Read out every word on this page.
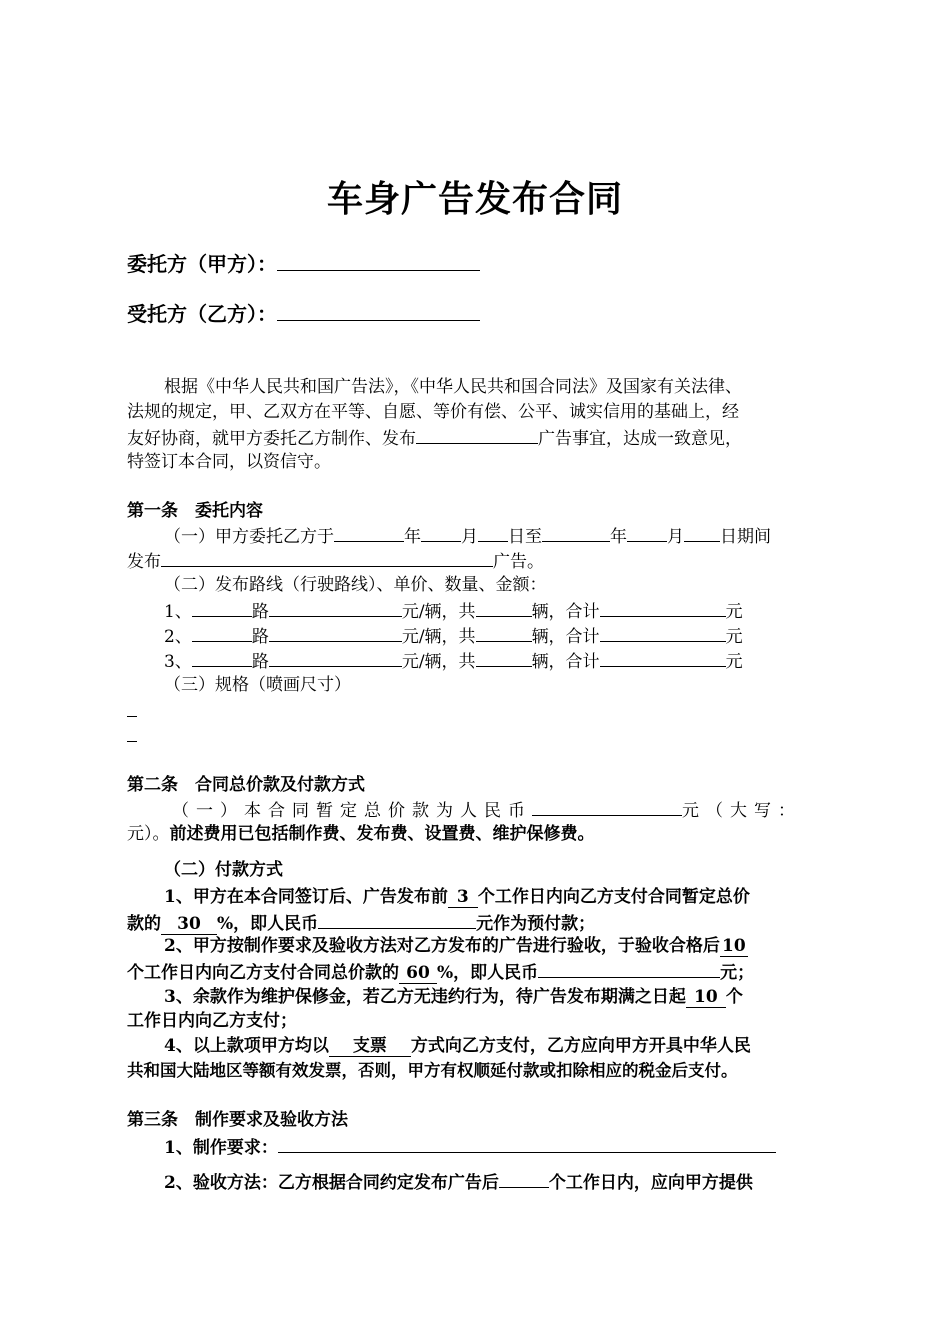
车身广告发布合同
委托方（甲方）：
受托方（乙方）：
根据《中华人民共和国广告法》，《中华人民共和国合同法》及国家有关法律、
法规的规定，甲、乙双方在平等、自愿、等价有偿、公平、诚实信用的基础上，经
友好协商，就甲方委托乙方制作、发布	广告事宜，达成一致意见，
特签订本合同，以资信守。
第一条　委托内容
（一）甲方委托乙方于	年 月 日至	年 月 日期间
发布	广告。
（二）发布路线（行驶路线）、单价、数量、金额：
1、	路	元/辆，共	辆，合计	元
2、	路	元/辆，共	辆，合计	元
3、	路	元/辆，共	辆，合计	元
（三）规格（喷画尺寸）
第二条　合同总价款及付款方式
（一）本合同暂定总价款为人民币	元（大写：
元）。前述费用已包括制作费、发布费、设置费、维护保修费。
（二）付款方式
1、甲方在本合同签订后、广告发布前 3 个工作日内向乙方支付合同暂定总价
款的 30 %，即人民币	元作为预付款；
2、甲方按制作要求及验收方法对乙方发布的广告进行验收，于验收合格后 10
个工作日内向乙方支付合同总价款的 60 %，即人民币	元；
3、余款作为维护保修金，若乙方无违约行为，待广告发布期满之日起 10 个
工作日内向乙方支付；
4、以上款项甲方均以 支票 方式向乙方支付，乙方应向甲方开具中华人民
共和国大陆地区等额有效发票，否则，甲方有权顺延付款或扣除相应的税金后支付。
第三条　制作要求及验收方法
1、制作要求：
2、验收方法：乙方根据合同约定发布广告后	个工作日内，应向甲方提供
